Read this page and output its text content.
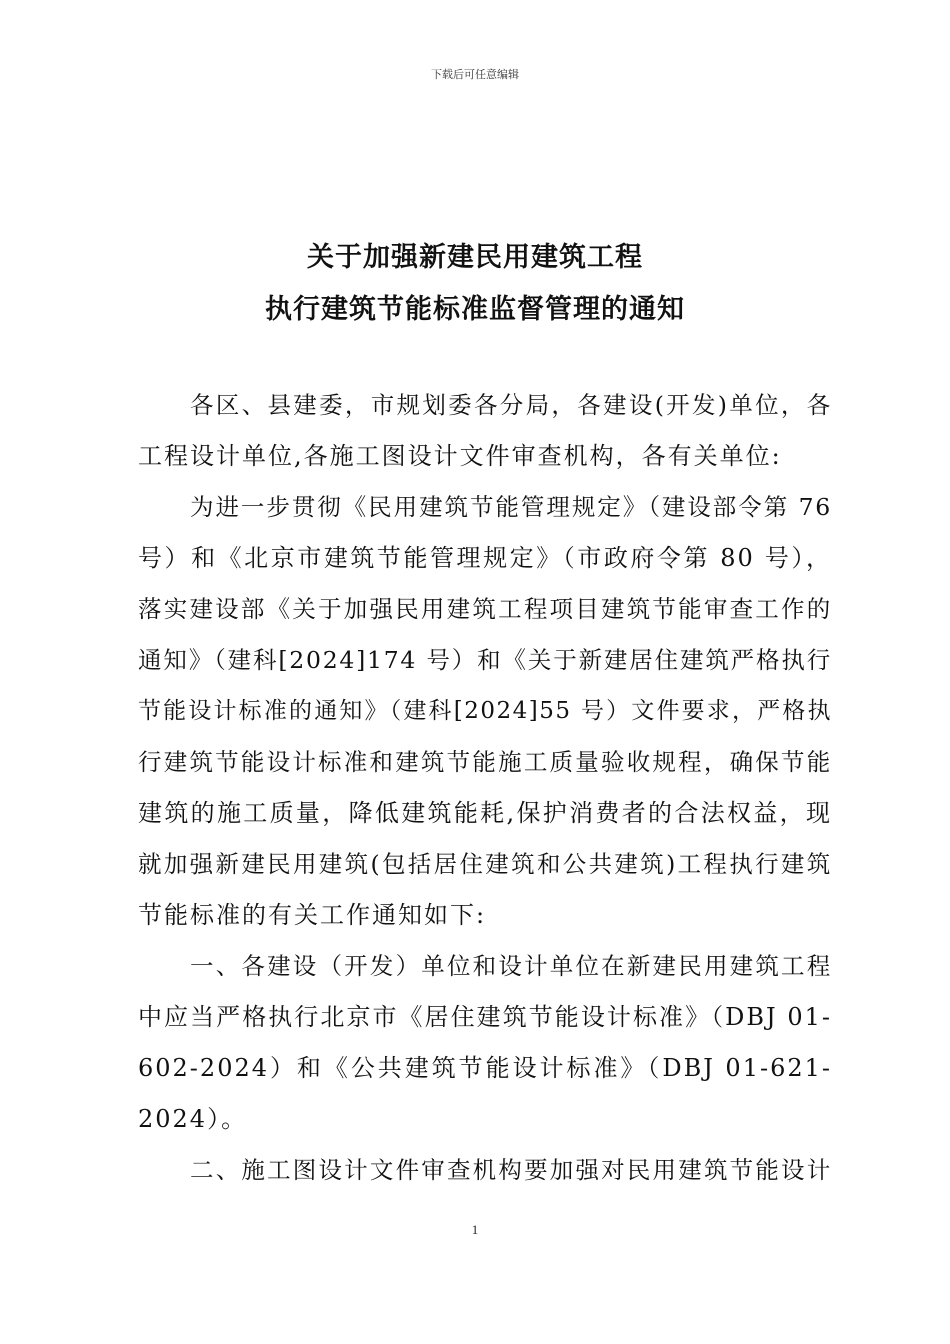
下载后可任意编辑
关于加强新建民用建筑工程
执行建筑节能标准监督管理的通知
各区、县建委，市规划委各分局，各建设(开发)单位，各
工程设计单位,各施工图设计文件审查机构，各有关单位:
为进一步贯彻《民用建筑节能管理规定》（建设部令第 76
号）和《北京市建筑节能管理规定》（市政府令第 80 号），
落实建设部《关于加强民用建筑工程项目建筑节能审查工作的
通知》（建科[2024]174 号）和《关于新建居住建筑严格执行
节能设计标准的通知》（建科[2024]55 号）文件要求，严格执
行建筑节能设计标准和建筑节能施工质量验收规程，确保节能
建筑的施工质量，降低建筑能耗,保护消费者的合法权益，现
就加强新建民用建筑(包括居住建筑和公共建筑)工程执行建筑
节能标准的有关工作通知如下:
一、各建设（开发）单位和设计单位在新建民用建筑工程
中应当严格执行北京市《居住建筑节能设计标准》（DBJ 01-
602-2024）和《公共建筑节能设计标准》（DBJ 01-621-
2024）。
二、施工图设计文件审查机构要加强对民用建筑节能设计
1
